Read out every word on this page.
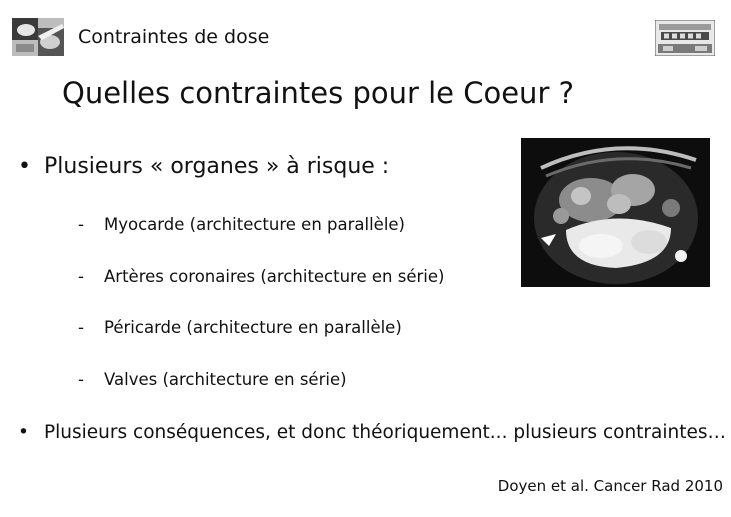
Contraintes de dose
Quelles contraintes pour le Coeur ?
• Plusieurs « organes » à risque :
- Myocarde (architecture en parallèle)
- Artères coronaires (architecture en série)
- Péricarde (architecture en parallèle)
- Valves (architecture en série)
• Plusieurs conséquences, et donc théoriquement... plusieurs contraintes…
Doyen et al. Cancer Rad 2010
